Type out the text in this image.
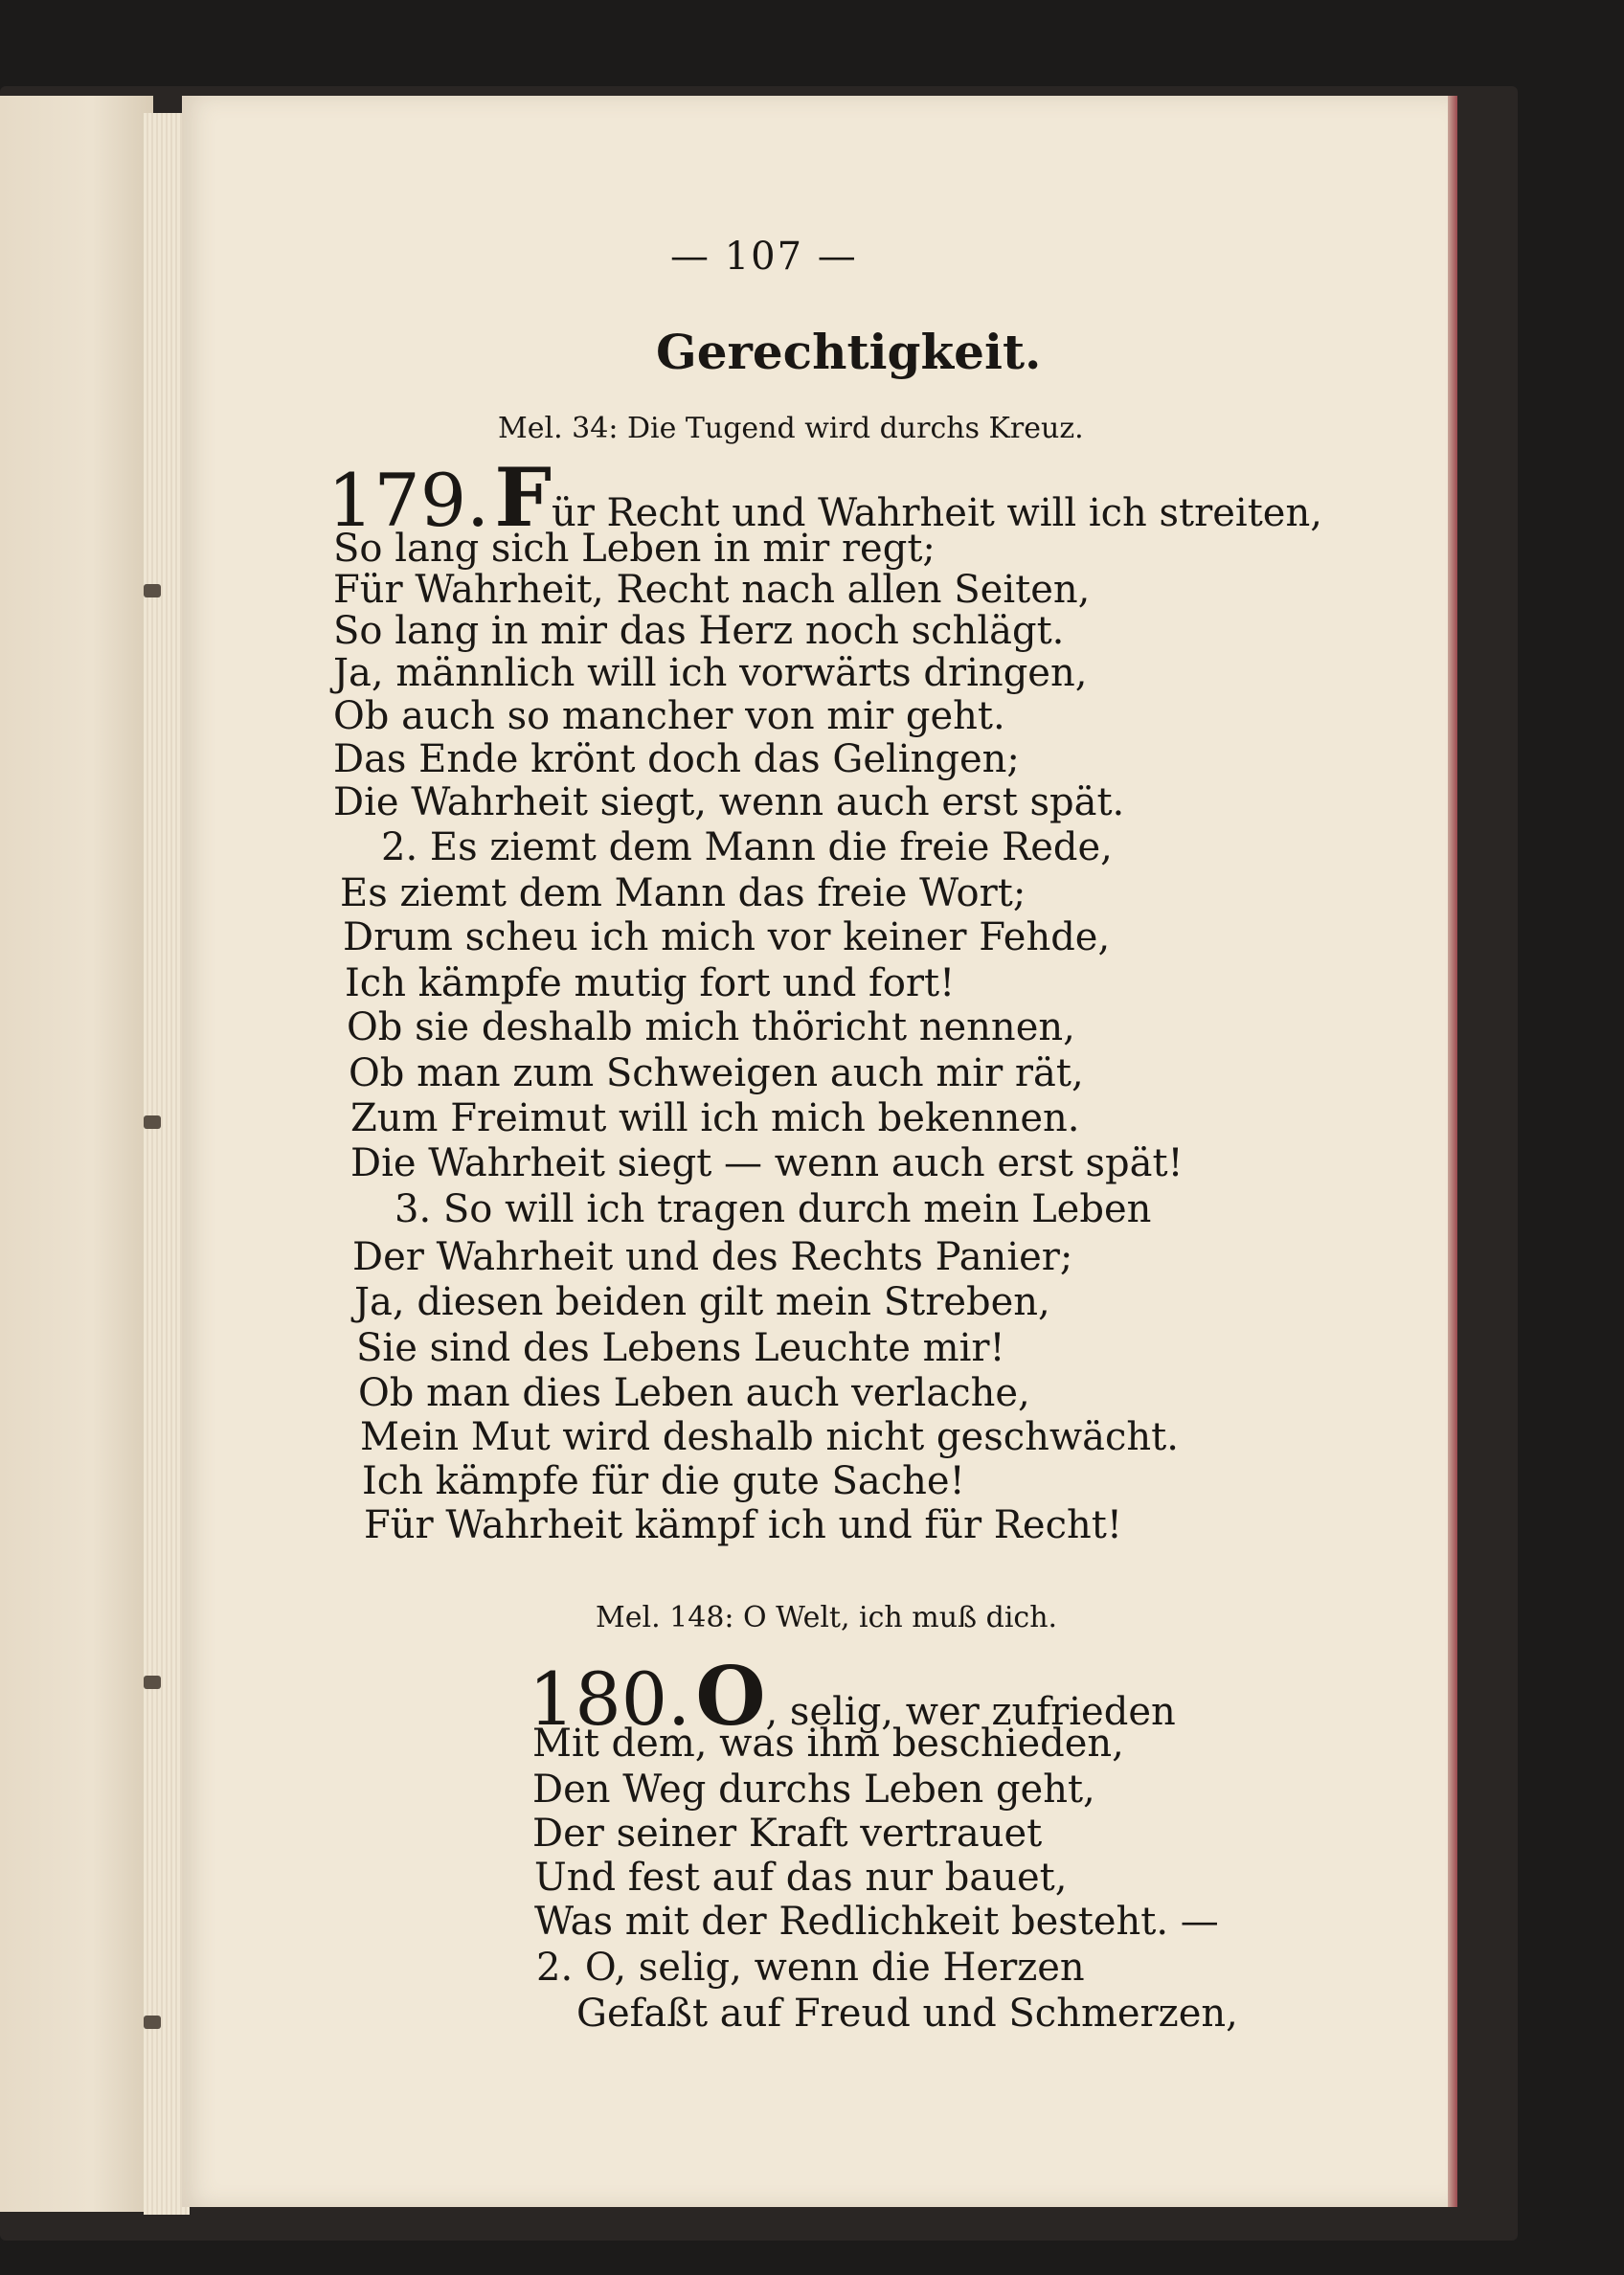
— 107 —
Gerechtigkeit.
Mel. 34: Die Tugend wird durchs Kreuz.
179. Für Recht und Wahrheit will ich streiten,
So lang sich Leben in mir regt;
Für Wahrheit, Recht nach allen Seiten,
So lang in mir das Herz noch schlägt.
Ja, männlich will ich vorwärts dringen,
Ob auch so mancher von mir geht.
Das Ende krönt doch das Gelingen;
Die Wahrheit siegt, wenn auch erst spät.
2. Es ziemt dem Mann die freie Rede,
Es ziemt dem Mann das freie Wort;
Drum scheu ich mich vor keiner Fehde,
Ich kämpfe mutig fort und fort!
Ob sie deshalb mich thöricht nennen,
Ob man zum Schweigen auch mir rät,
Zum Freimut will ich mich bekennen.
Die Wahrheit siegt — wenn auch erst spät!
3. So will ich tragen durch mein Leben
Der Wahrheit und des Rechts Panier;
Ja, diesen beiden gilt mein Streben,
Sie sind des Lebens Leuchte mir!
Ob man dies Leben auch verlache,
Mein Mut wird deshalb nicht geschwächt.
Ich kämpfe für die gute Sache!
Für Wahrheit kämpf ich und für Recht!
Mel. 148: O Welt, ich muß dich.
180. O, selig, wer zufrieden
Mit dem, was ihm beschieden,
Den Weg durchs Leben geht,
Der seiner Kraft vertrauet
Und fest auf das nur bauet,
Was mit der Redlichkeit besteht. —
2. O, selig, wenn die Herzen
Gefaßt auf Freud und Schmerzen,
